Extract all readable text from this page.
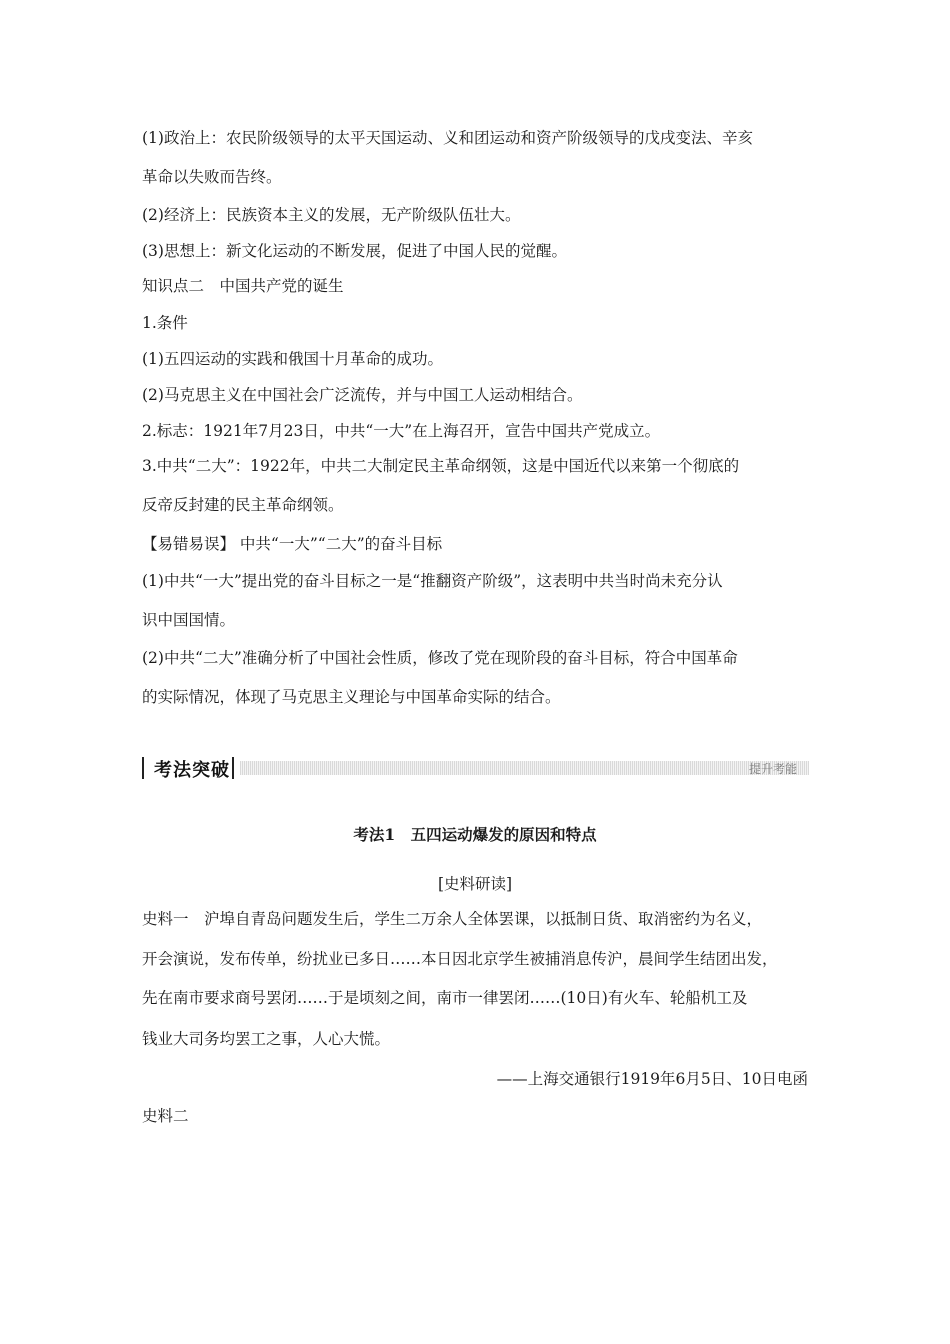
(1)政治上：农民阶级领导的太平天国运动、义和团运动和资产阶级领导的戊戌变法、辛亥
革命以失败而告终。
(2)经济上：民族资本主义的发展，无产阶级队伍壮大。
(3)思想上：新文化运动的不断发展，促进了中国人民的觉醒。
知识点二　中国共产党的诞生
1.条件
(1)五四运动的实践和俄国十月革命的成功。
(2)马克思主义在中国社会广泛流传，并与中国工人运动相结合。
2.标志：1921年7月23日，中共“一大”在上海召开，宣告中国共产党成立。
3.中共“二大”：1922年，中共二大制定民主革命纲领，这是中国近代以来第一个彻底的
反帝反封建的民主革命纲领。
【易错易误】 中共“一大”“二大”的奋斗目标
(1)中共“一大”提出党的奋斗目标之一是“推翻资产阶级”，这表明中共当时尚未充分认
识中国国情。
(2)中共“二大”准确分析了中国社会性质，修改了党在现阶段的奋斗目标，符合中国革命
的实际情况，体现了马克思主义理论与中国革命实际的结合。
考法突破	提升考能
考法1　五四运动爆发的原因和特点
[史料研读]
史料一　沪埠自青岛问题发生后，学生二万余人全体罢课，以抵制日货、取消密约为名义，
开会演说，发布传单，纷扰业已多日……本日因北京学生被捕消息传沪，晨间学生结团出发，
先在南市要求商号罢闭……于是顷刻之间，南市一律罢闭……(10日)有火车、轮船机工及
钱业大司务均罢工之事，人心大慌。
——上海交通银行1919年6月5日、10日电函
史料二
